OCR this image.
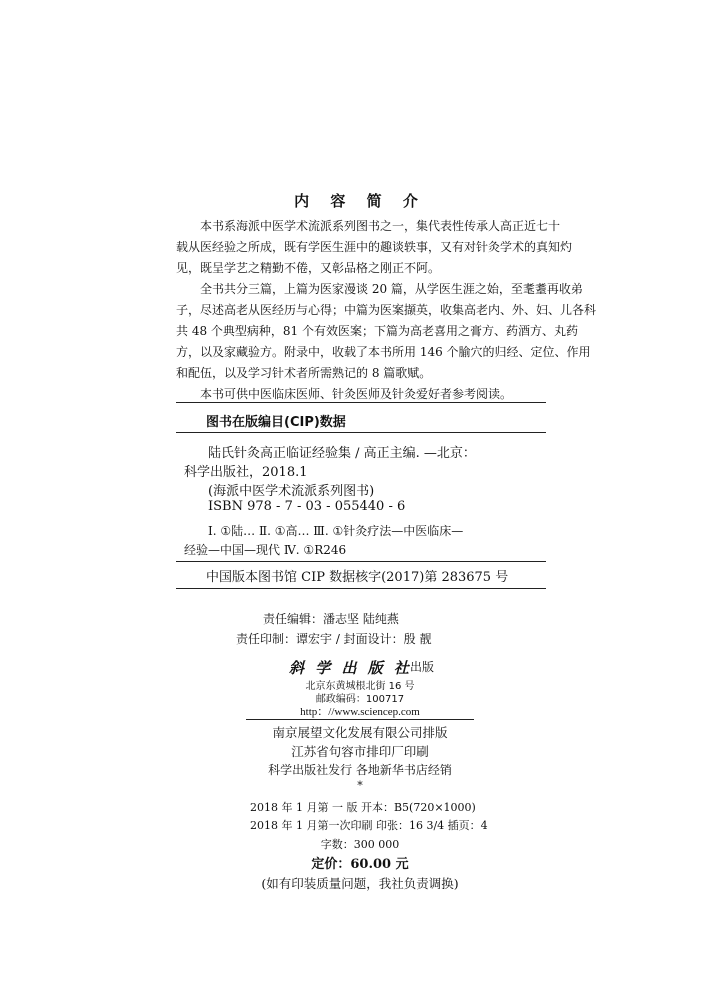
内 容 简 介
本书系海派中医学术流派系列图书之一，集代表性传承人高正近七十
载从医经验之所成，既有学医生涯中的趣谈轶事，又有对针灸学术的真知灼
见，既呈学艺之精勤不倦，又彰品格之刚正不阿。
全书共分三篇，上篇为医家漫谈 20 篇，从学医生涯之始，至耄耋再收弟
子，尽述高老从医经历与心得；中篇为医案撷英，收集高老内、外、妇、儿各科
共 48 个典型病种，81 个有效医案；下篇为高老喜用之膏方、药酒方、丸药
方，以及家藏验方。附录中，收载了本书所用 146 个腧穴的归经、定位、作用
和配伍，以及学习针术者所需熟记的 8 篇歌赋。
本书可供中医临床医师、针灸医师及针灸爱好者参考阅读。
图书在版编目(CIP)数据
陆氏针灸高正临证经验集 / 高正主编. —北京：
科学出版社，2018.1
(海派中医学术流派系列图书)
ISBN 978 - 7 - 03 - 055440 - 6
Ⅰ. ①陆… Ⅱ. ①高… Ⅲ. ①针灸疗法—中医临床—
经验—中国—现代 Ⅳ. ①R246
中国版本图书馆 CIP 数据核字(2017)第 283675 号
责任编辑：潘志坚 陆纯燕
责任印制：谭宏宇 / 封面设计：殷 靓
斜 学 出 版 社
出版
北京东黄城根北街 16 号
邮政编码：100717
http：//www.sciencep.com
南京展望文化发展有限公司排版
江苏省句容市排印厂印刷
科学出版社发行 各地新华书店经销
*
2018 年 1 月第 一 版 开本：B5(720×1000)
2018 年 1 月第一次印刷 印张：16 3/4 插页：4
字数：300 000
定价：60.00 元
(如有印装质量问题，我社负责调换)
